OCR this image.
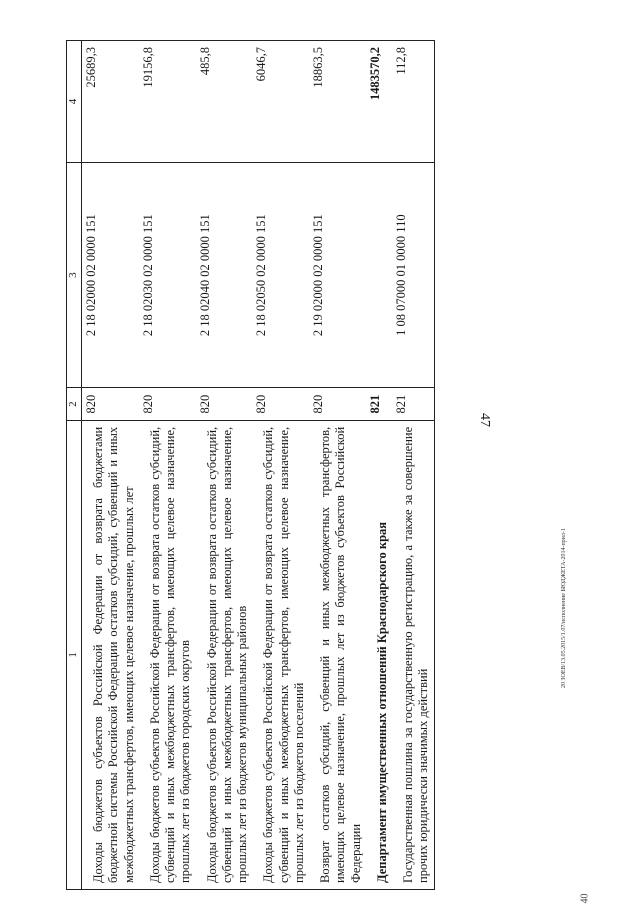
47
20 ЗОЕВ/13.05.2015/1.07/исполнение БЮДЖЕТА-2014-прил-1
40
1	2	3	4
Доходы бюджетов субъектов Российской Федерации от возврата бюджетами бюджетной системы Российской Федерации остатков субсидий, субвенций и иных межбюджетных трансфертов, имеющих целевое назначение, прошлых лет	820	2 18 02000 02 0000 151	25689,3
Доходы бюджетов субъектов Российской Федерации от возврата остатков субсидий, субвенций и иных межбюджетных трансфертов, имеющих целевое назначение, прошлых лет из бюджетов городских округов	820	2 18 02030 02 0000 151	19156,8
Доходы бюджетов субъектов Российской Федерации от возврата остатков субсидий, субвенций и иных межбюджетных трансфертов, имеющих целевое назначение, прошлых лет из бюджетов муниципальных районов	820	2 18 02040 02 0000 151	485,8
Доходы бюджетов субъектов Российской Федерации от возврата остатков субсидий, субвенций и иных межбюджетных трансфертов, имеющих целевое назначение, прошлых лет из бюджетов поселений	820	2 18 02050 02 0000 151	6046,7
Возврат остатков субсидий, субвенций и иных межбюджетных трансфертов, имеющих целевое назначение, прошлых лет из бюджетов субъектов Российской Федерации	820	2 19 02000 02 0000 151	18863,5
Департамент имущественных отношений Краснодарского края	821		1483570,2
Государственная пошлина за государственную регистрацию, а также за совершение прочих юридически значимых действий	821	1 08 07000 01 0000 110	112,8
